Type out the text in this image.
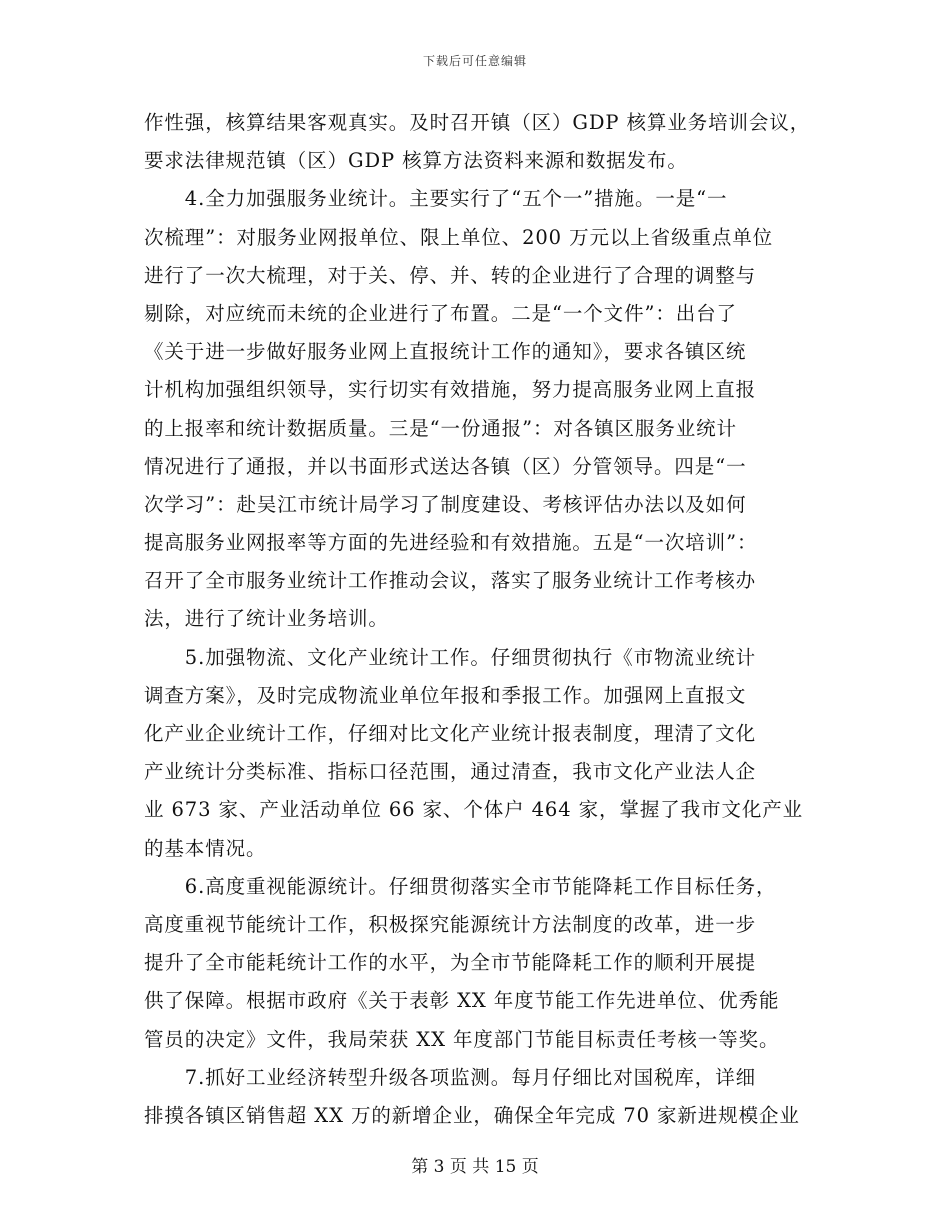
下载后可任意编辑
作性强，核算结果客观真实。及时召开镇（区）GDP 核算业务培训会议，
要求法律规范镇（区）GDP 核算方法资料来源和数据发布。
　　4.全力加强服务业统计。主要实行了“五个一”措施。一是“一
次梳理”：对服务业网报单位、限上单位、200 万元以上省级重点单位
进行了一次大梳理，对于关、停、并、转的企业进行了合理的调整与
剔除，对应统而未统的企业进行了布置。二是“一个文件”：出台了
《关于进一步做好服务业网上直报统计工作的通知》，要求各镇区统
计机构加强组织领导，实行切实有效措施，努力提高服务业网上直报
的上报率和统计数据质量。三是“一份通报”：对各镇区服务业统计
情况进行了通报，并以书面形式送达各镇（区）分管领导。四是“一
次学习”：赴吴江市统计局学习了制度建设、考核评估办法以及如何
提高服务业网报率等方面的先进经验和有效措施。五是“一次培训”：
召开了全市服务业统计工作推动会议，落实了服务业统计工作考核办
法，进行了统计业务培训。
　　5.加强物流、文化产业统计工作。仔细贯彻执行《市物流业统计
调查方案》，及时完成物流业单位年报和季报工作。加强网上直报文
化产业企业统计工作，仔细对比文化产业统计报表制度，理清了文化
产业统计分类标准、指标口径范围，通过清查，我市文化产业法人企
业 673 家、产业活动单位 66 家、个体户 464 家，掌握了我市文化产业
的基本情况。
　　6.高度重视能源统计。仔细贯彻落实全市节能降耗工作目标任务，
高度重视节能统计工作，积极探究能源统计方法制度的改革，进一步
提升了全市能耗统计工作的水平，为全市节能降耗工作的顺利开展提
供了保障。根据市政府《关于表彰 XX 年度节能工作先进单位、优秀能
管员的决定》文件，我局荣获 XX 年度部门节能目标责任考核一等奖。
　　7.抓好工业经济转型升级各项监测。每月仔细比对国税库，详细
排摸各镇区销售超 XX 万的新增企业，确保全年完成 70 家新进规模企业
第 3 页 共 15 页
